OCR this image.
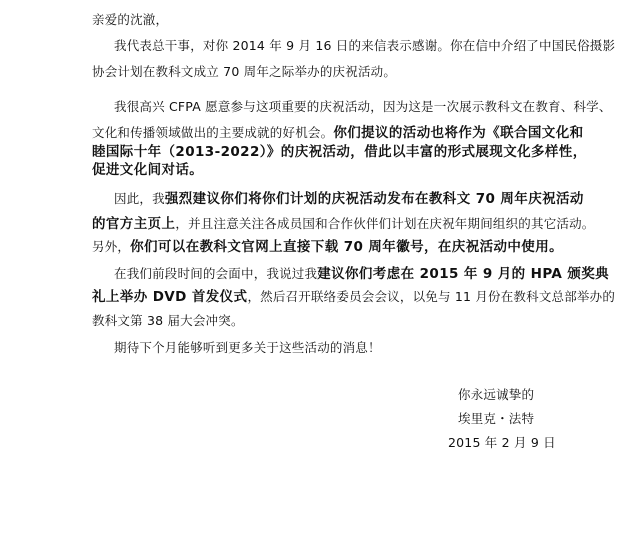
亲爱的沈澈，
我代表总干事，对你 2014 年 9 月 16 日的来信表示感谢。你在信中介绍了中国民俗摄影
协会计划在教科文成立 70 周年之际举办的庆祝活动。
我很高兴 CFPA 愿意参与这项重要的庆祝活动，因为这是一次展示教科文在教育、科学、
文化和传播领域做出的主要成就的好机会。你们提议的活动也将作为《联合国文化和
睦国际十年（2013-2022）》的庆祝活动，借此以丰富的形式展现文化多样性，
促进文化间对话。
因此，我强烈建议你们将你们计划的庆祝活动发布在教科文 70 周年庆祝活动
的官方主页上，并且注意关注各成员国和合作伙伴们计划在庆祝年期间组织的其它活动。
另外，你们可以在教科文官网上直接下载 70 周年徽号，在庆祝活动中使用。
在我们前段时间的会面中，我说过我建议你们考虑在 2015 年 9 月的 HPA 颁奖典
礼上举办 DVD 首发仪式，然后召开联络委员会会议，以免与 11 月份在教科文总部举办的
教科文第 38 届大会冲突。
期待下个月能够听到更多关于这些活动的消息！
你永远诚挚的
埃里克・法特
2015 年 2 月 9 日
